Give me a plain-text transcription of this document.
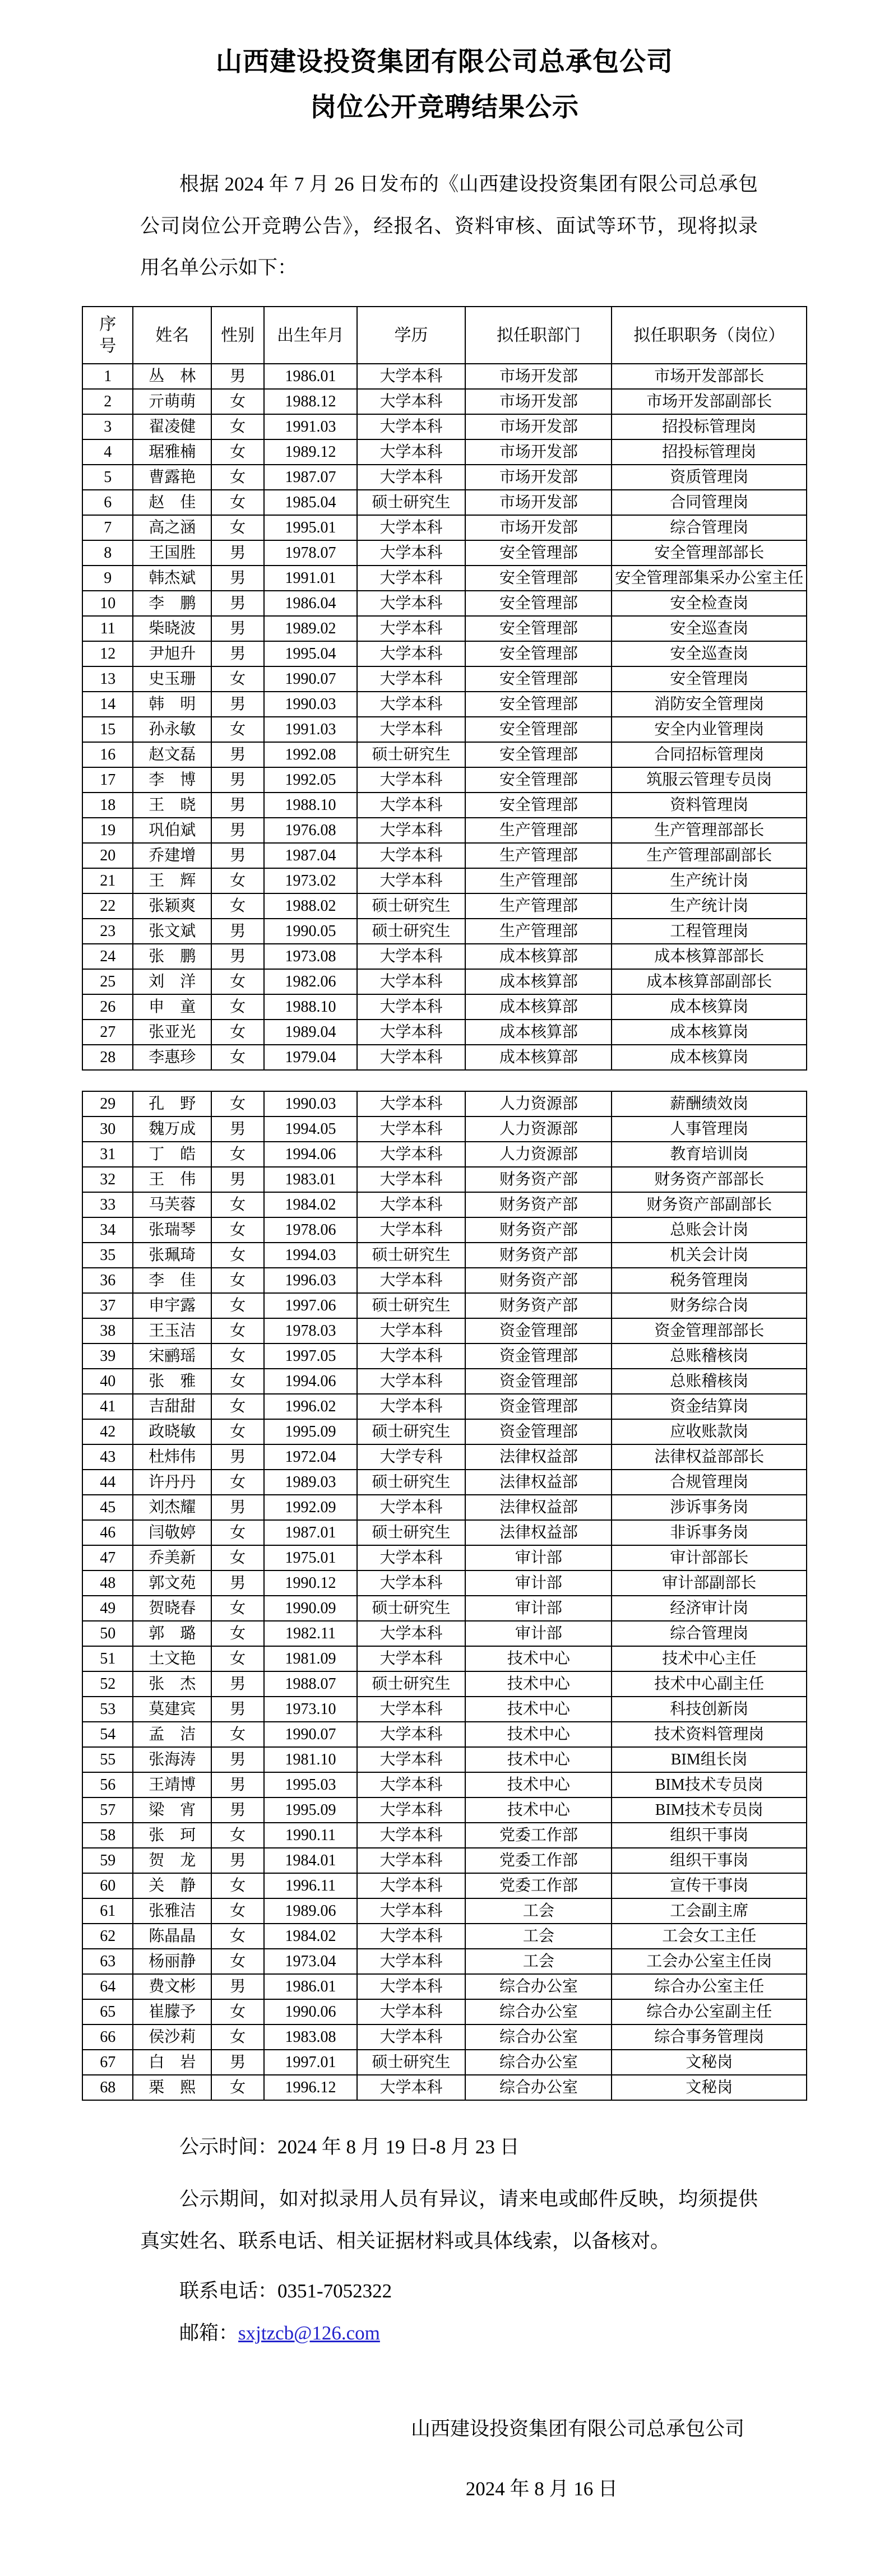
山西建设投资集团有限公司总承包公司
岗位公开竞聘结果公示

根据 2024 年 7 月 26 日发布的《山西建设投资集团有限公司总承包公司岗位公开竞聘公告》，经报名、资料审核、面试等环节，现将拟录用名单公示如下：

序号	姓名	性别	出生年月	学历	拟任职部门	拟任职职务（岗位）
1	丛　林	男	1986.01	大学本科	市场开发部	市场开发部部长
2	亓萌萌	女	1988.12	大学本科	市场开发部	市场开发部副部长
3	翟凌健	女	1991.03	大学本科	市场开发部	招投标管理岗
4	琚雅楠	女	1989.12	大学本科	市场开发部	招投标管理岗
5	曹露艳	女	1987.07	大学本科	市场开发部	资质管理岗
6	赵　佳	女	1985.04	硕士研究生	市场开发部	合同管理岗
7	高之涵	女	1995.01	大学本科	市场开发部	综合管理岗
8	王国胜	男	1978.07	大学本科	安全管理部	安全管理部部长
9	韩杰斌	男	1991.01	大学本科	安全管理部	安全管理部集采办公室主任
10	李　鹏	男	1986.04	大学本科	安全管理部	安全检查岗
11	柴晓波	男	1989.02	大学本科	安全管理部	安全巡查岗
12	尹旭升	男	1995.04	大学本科	安全管理部	安全巡查岗
13	史玉珊	女	1990.07	大学本科	安全管理部	安全管理岗
14	韩　明	男	1990.03	大学本科	安全管理部	消防安全管理岗
15	孙永敏	女	1991.03	大学本科	安全管理部	安全内业管理岗
16	赵文磊	男	1992.08	硕士研究生	安全管理部	合同招标管理岗
17	李　博	男	1992.05	大学本科	安全管理部	筑服云管理专员岗
18	王　晓	男	1988.10	大学本科	安全管理部	资料管理岗
19	巩伯斌	男	1976.08	大学本科	生产管理部	生产管理部部长
20	乔建增	男	1987.04	大学本科	生产管理部	生产管理部副部长
21	王　辉	女	1973.02	大学本科	生产管理部	生产统计岗
22	张颖爽	女	1988.02	硕士研究生	生产管理部	生产统计岗
23	张文斌	男	1990.05	硕士研究生	生产管理部	工程管理岗
24	张　鹏	男	1973.08	大学本科	成本核算部	成本核算部部长
25	刘　洋	女	1982.06	大学本科	成本核算部	成本核算部副部长
26	申　童	女	1988.10	大学本科	成本核算部	成本核算岗
27	张亚光	女	1989.04	大学本科	成本核算部	成本核算岗
28	李惠珍	女	1979.04	大学本科	成本核算部	成本核算岗
29	孔　野	女	1990.03	大学本科	人力资源部	薪酬绩效岗
30	魏万成	男	1994.05	大学本科	人力资源部	人事管理岗
31	丁　皓	女	1994.06	大学本科	人力资源部	教育培训岗
32	王　伟	男	1983.01	大学本科	财务资产部	财务资产部部长
33	马芙蓉	女	1984.02	大学本科	财务资产部	财务资产部副部长
34	张瑞琴	女	1978.06	大学本科	财务资产部	总账会计岗
35	张珮琦	女	1994.03	硕士研究生	财务资产部	机关会计岗
36	李　佳	女	1996.03	大学本科	财务资产部	税务管理岗
37	申宇露	女	1997.06	硕士研究生	财务资产部	财务综合岗
38	王玉洁	女	1978.03	大学本科	资金管理部	资金管理部部长
39	宋鹂瑶	女	1997.05	大学本科	资金管理部	总账稽核岗
40	张　雅	女	1994.06	大学本科	资金管理部	总账稽核岗
41	吉甜甜	女	1996.02	大学本科	资金管理部	资金结算岗
42	政晓敏	女	1995.09	硕士研究生	资金管理部	应收账款岗
43	杜炜伟	男	1972.04	大学专科	法律权益部	法律权益部部长
44	许丹丹	女	1989.03	硕士研究生	法律权益部	合规管理岗
45	刘杰耀	男	1992.09	大学本科	法律权益部	涉诉事务岗
46	闫敬婷	女	1987.01	硕士研究生	法律权益部	非诉事务岗
47	乔美新	女	1975.01	大学本科	审计部	审计部部长
48	郭文苑	男	1990.12	大学本科	审计部	审计部副部长
49	贺晓春	女	1990.09	硕士研究生	审计部	经济审计岗
50	郭　璐	女	1982.11	大学本科	审计部	综合管理岗
51	土文艳	女	1981.09	大学本科	技术中心	技术中心主任
52	张　杰	男	1988.07	硕士研究生	技术中心	技术中心副主任
53	莫建宾	男	1973.10	大学本科	技术中心	科技创新岗
54	孟　洁	女	1990.07	大学本科	技术中心	技术资料管理岗
55	张海涛	男	1981.10	大学本科	技术中心	BIM组长岗
56	王靖博	男	1995.03	大学本科	技术中心	BIM技术专员岗
57	梁　宵	男	1995.09	大学本科	技术中心	BIM技术专员岗
58	张　珂	女	1990.11	大学本科	党委工作部	组织干事岗
59	贺　龙	男	1984.01	大学本科	党委工作部	组织干事岗
60	关　静	女	1996.11	大学本科	党委工作部	宣传干事岗
61	张雅洁	女	1989.06	大学本科	工会	工会副主席
62	陈晶晶	女	1984.02	大学本科	工会	工会女工主任
63	杨丽静	女	1973.04	大学本科	工会	工会办公室主任岗
64	费文彬	男	1986.01	大学本科	综合办公室	综合办公室主任
65	崔朦予	女	1990.06	大学本科	综合办公室	综合办公室副主任
66	侯沙莉	女	1983.08	大学本科	综合办公室	综合事务管理岗
67	白　岩	男	1997.01	硕士研究生	综合办公室	文秘岗
68	栗　熙	女	1996.12	大学本科	综合办公室	文秘岗

公示时间：2024 年 8 月 19 日-8 月 23 日

公示期间，如对拟录用人员有异议，请来电或邮件反映，均须提供真实姓名、联系电话、相关证据材料或具体线索，以备核对。

联系电话：0351-7052322

邮箱：sxjtzcb@126.com

山西建设投资集团有限公司总承包公司
2024 年 8 月 16 日
